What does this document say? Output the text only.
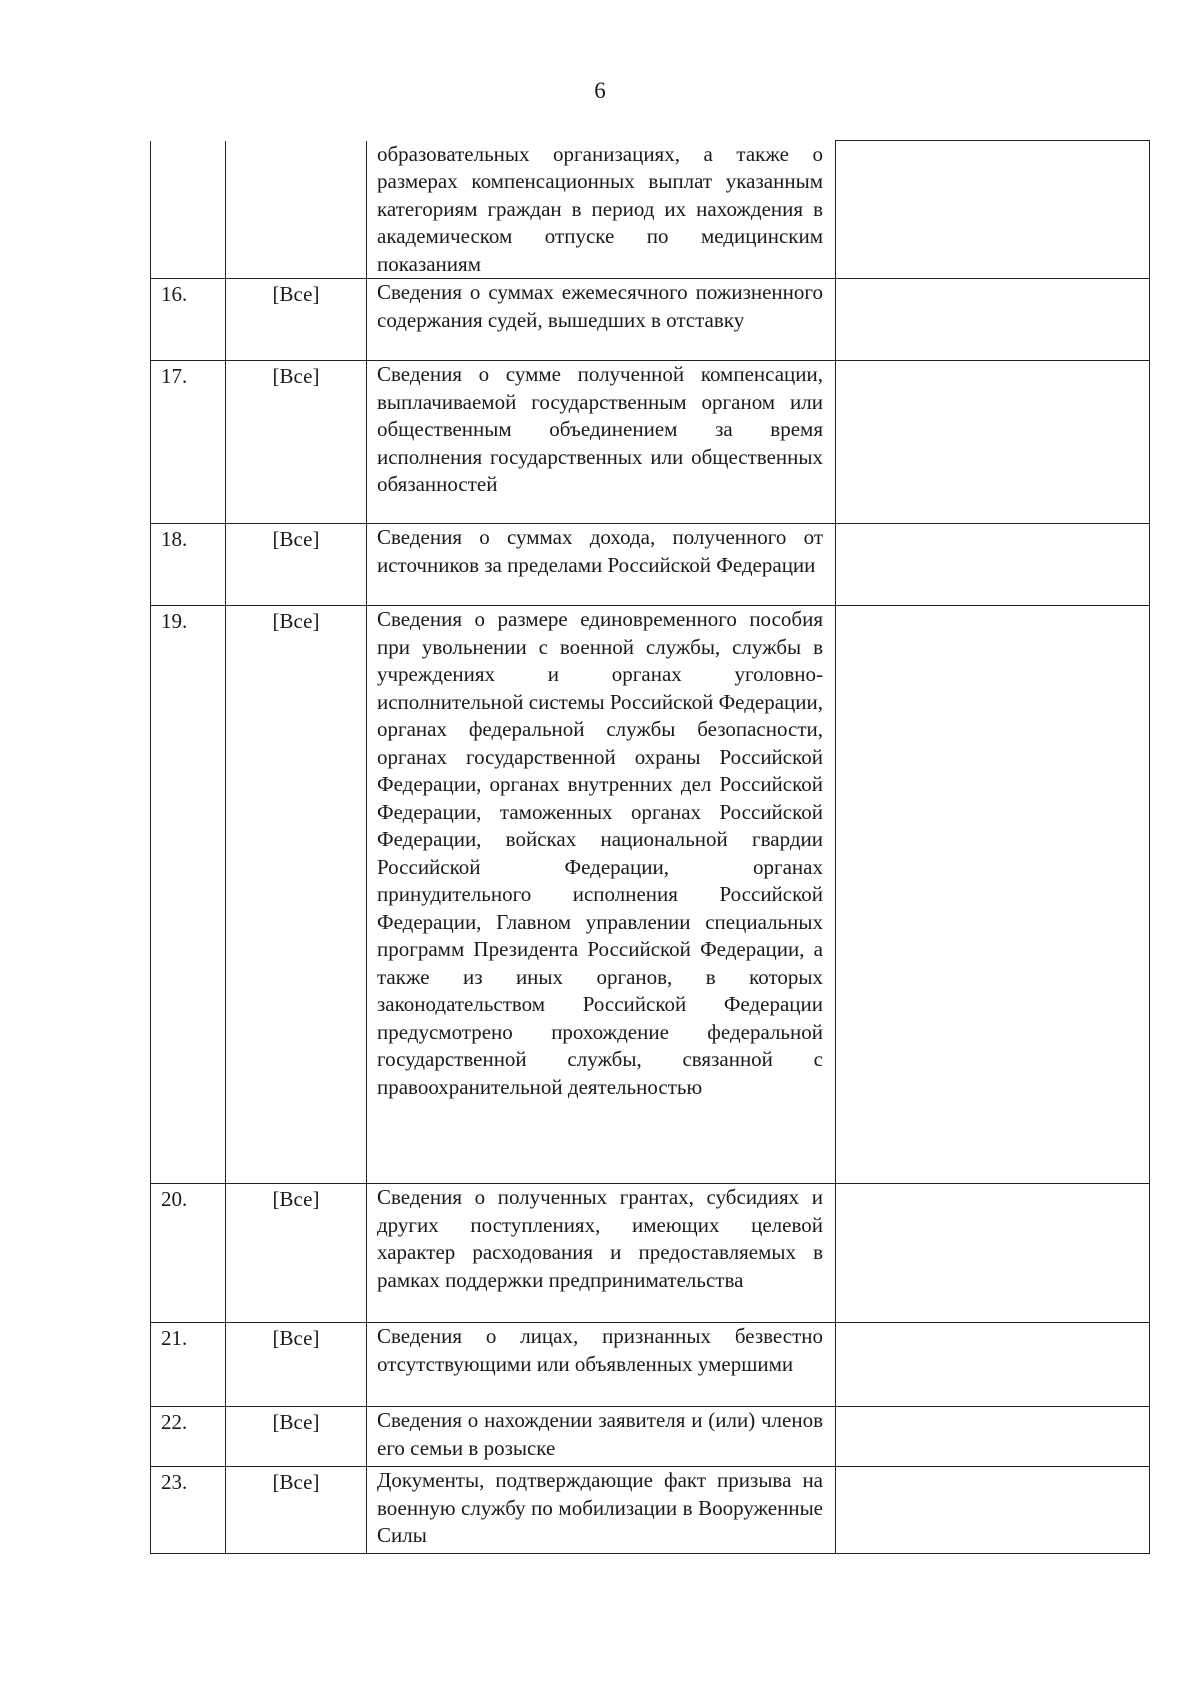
6

		образовательных организациях, а также о размерах компенсационных выплат указанным категориям граждан в период их нахождения в академическом отпуске по медицинским показаниям	

16.	[Все]	Сведения о суммах ежемесячного пожизненного содержания судей, вышедших в отставку	

17.	[Все]	Сведения о сумме полученной компенсации, выплачиваемой государственным органом или общественным объединением за время исполнения государственных или общественных обязанностей	

18.	[Все]	Сведения о суммах дохода, полученного от источников за пределами Российской Федерации	

19.	[Все]	Сведения о размере единовременного пособия при увольнении с военной службы, службы в учреждениях и органах уголовно-исполнительной системы Российской Федерации, органах федеральной службы безопасности, органах государственной охраны Российской Федерации, органах внутренних дел Российской Федерации, таможенных органах Российской Федерации, войсках национальной гвардии Российской Федерации, органах принудительного исполнения Российской Федерации, Главном управлении специальных программ Президента Российской Федерации, а также из иных органов, в которых законодательством Российской Федерации предусмотрено прохождение федеральной государственной службы, связанной с правоохранительной деятельностью	

20.	[Все]	Сведения о полученных грантах, субсидиях и других поступлениях, имеющих целевой характер расходования и предоставляемых в рамках поддержки предпринимательства	

21.	[Все]	Сведения о лицах, признанных безвестно отсутствующими или объявленных умершими	

22.	[Все]	Сведения о нахождении заявителя и (или) членов его семьи в розыске	

23.	[Все]	Документы, подтверждающие факт призыва на военную службу по мобилизации в Вооруженные Силы	
